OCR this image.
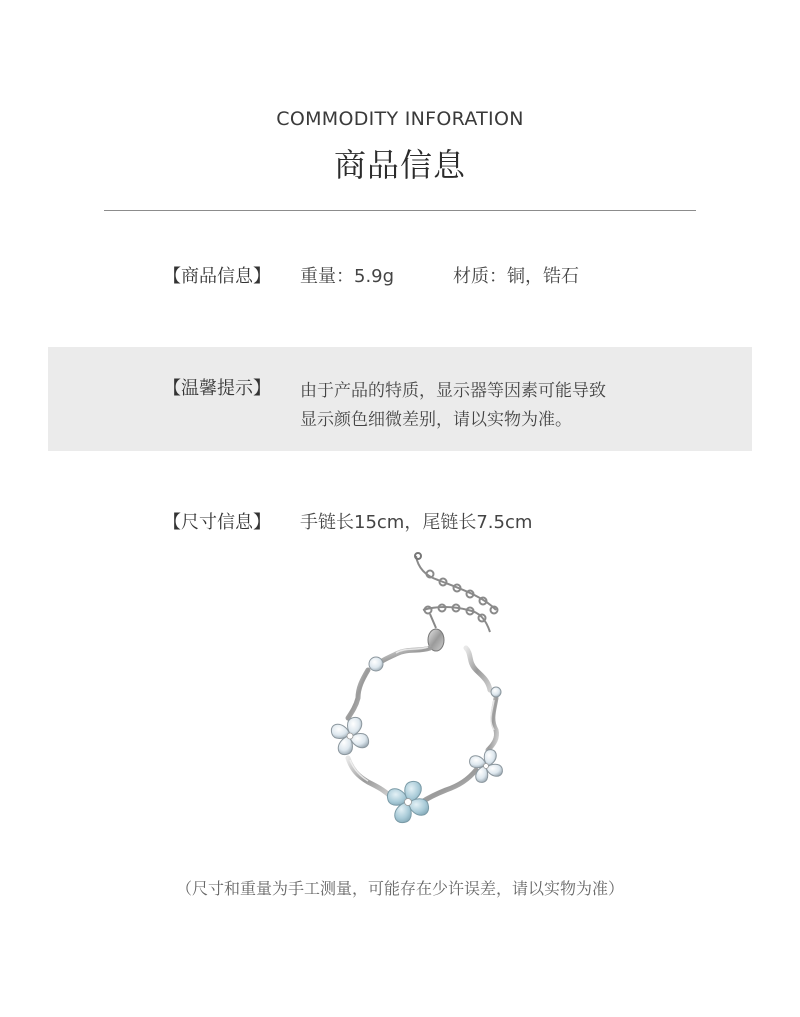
COMMODITY INFORATION
商品信息
【商品信息】 重量：5.9g	材质：铜，锆石
【温馨提示】 由于产品的特质，显示器等因素可能导致
显示颜色细微差别，请以实物为准。
【尺寸信息】 手链长15cm，尾链长7.5cm
（尺寸和重量为手工测量，可能存在少许误差，请以实物为准）
